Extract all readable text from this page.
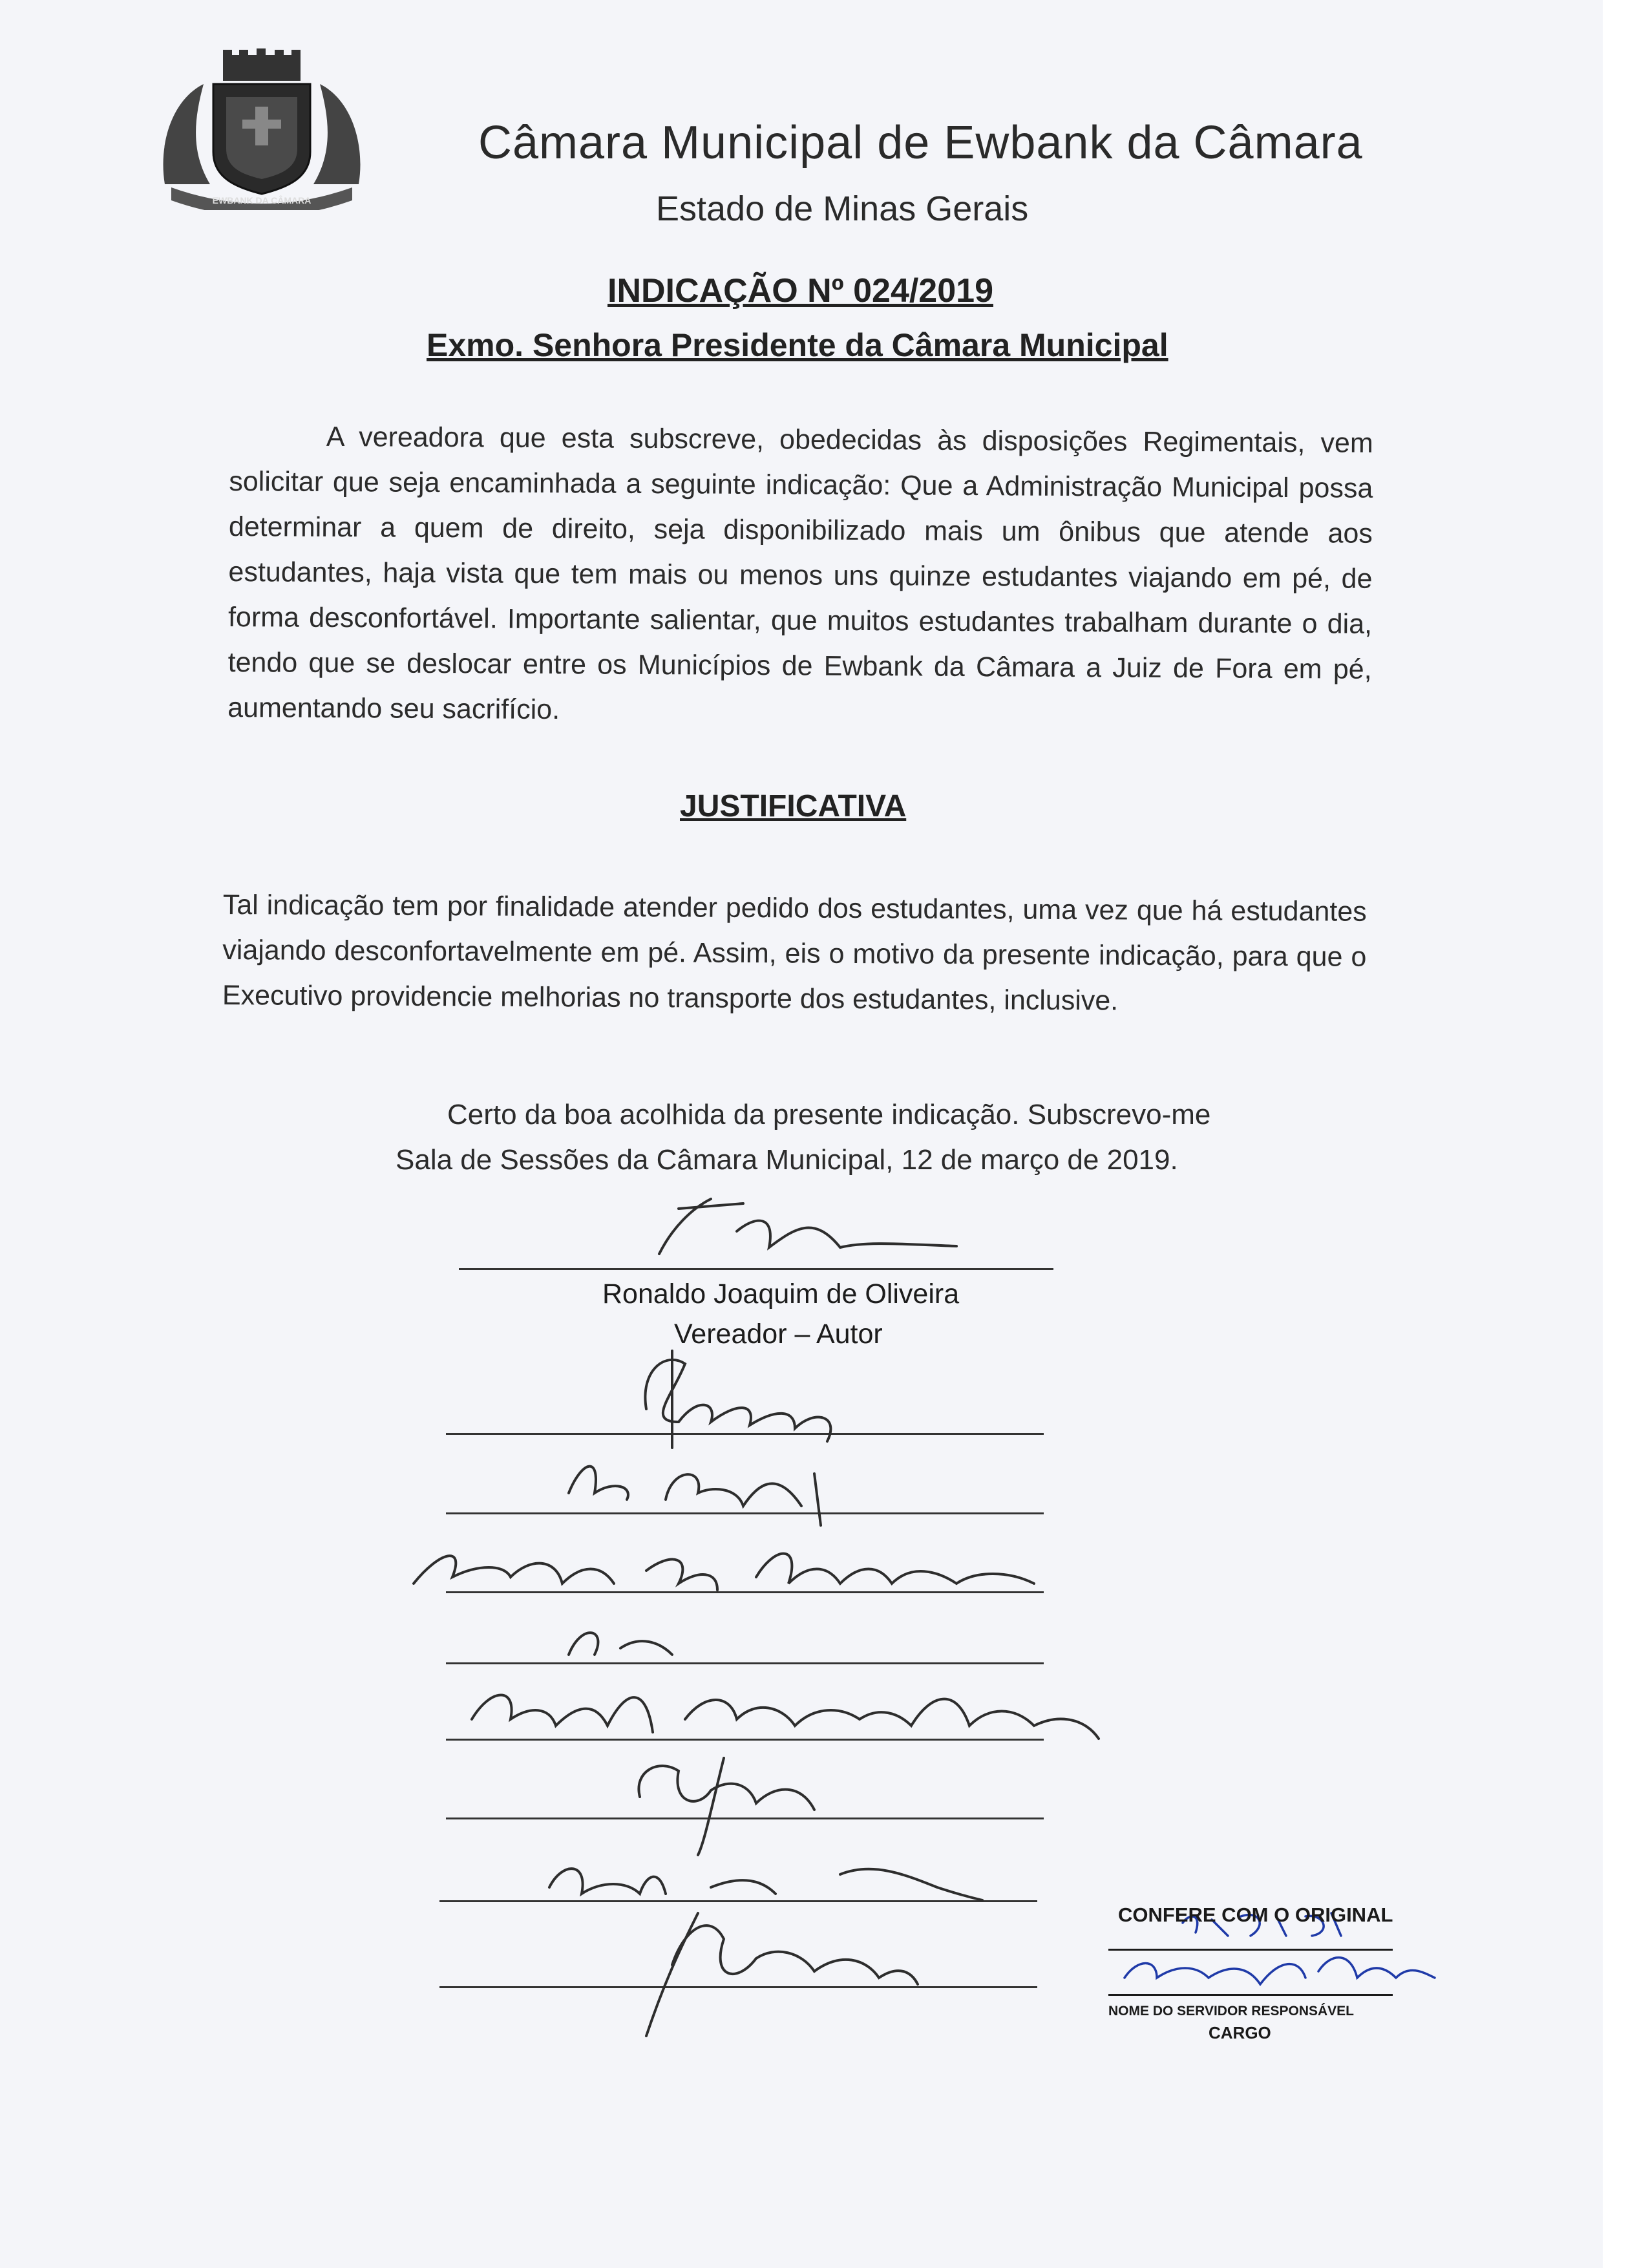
EWBANK DA CÂMARA
Câmara Municipal de Ewbank da Câmara
Estado de Minas Gerais
INDICAÇÃO Nº 024/2019
Exmo. Senhora Presidente da Câmara Municipal
A vereadora que esta subscreve, obedecidas às disposições Regimentais, vem solicitar que seja encaminhada a seguinte indicação: Que a Administração Municipal possa determinar a quem de direito, seja disponibilizado mais um ônibus que atende aos estudantes, haja vista que tem mais ou menos uns quinze estudantes viajando em pé, de forma desconfortável. Importante salientar, que muitos estudantes trabalham durante o dia, tendo que se deslocar entre os Municípios de Ewbank da Câmara a Juiz de Fora em pé, aumentando seu sacrifício.
JUSTIFICATIVA
Tal indicação tem por finalidade atender pedido dos estudantes, uma vez que há estudantes viajando desconfortavelmente em pé. Assim, eis o motivo da presente indicação, para que o Executivo providencie melhorias no transporte dos estudantes, inclusive.
Certo da boa acolhida da presente indicação. Subscrevo-me
Sala de Sessões da Câmara Municipal, 12 de março de 2019.
Ronaldo Joaquim de Oliveira
Vereador – Autor
CONFERE COM O ORIGINAL
NOME DO SERVIDOR RESPONSÁVEL
CARGO
